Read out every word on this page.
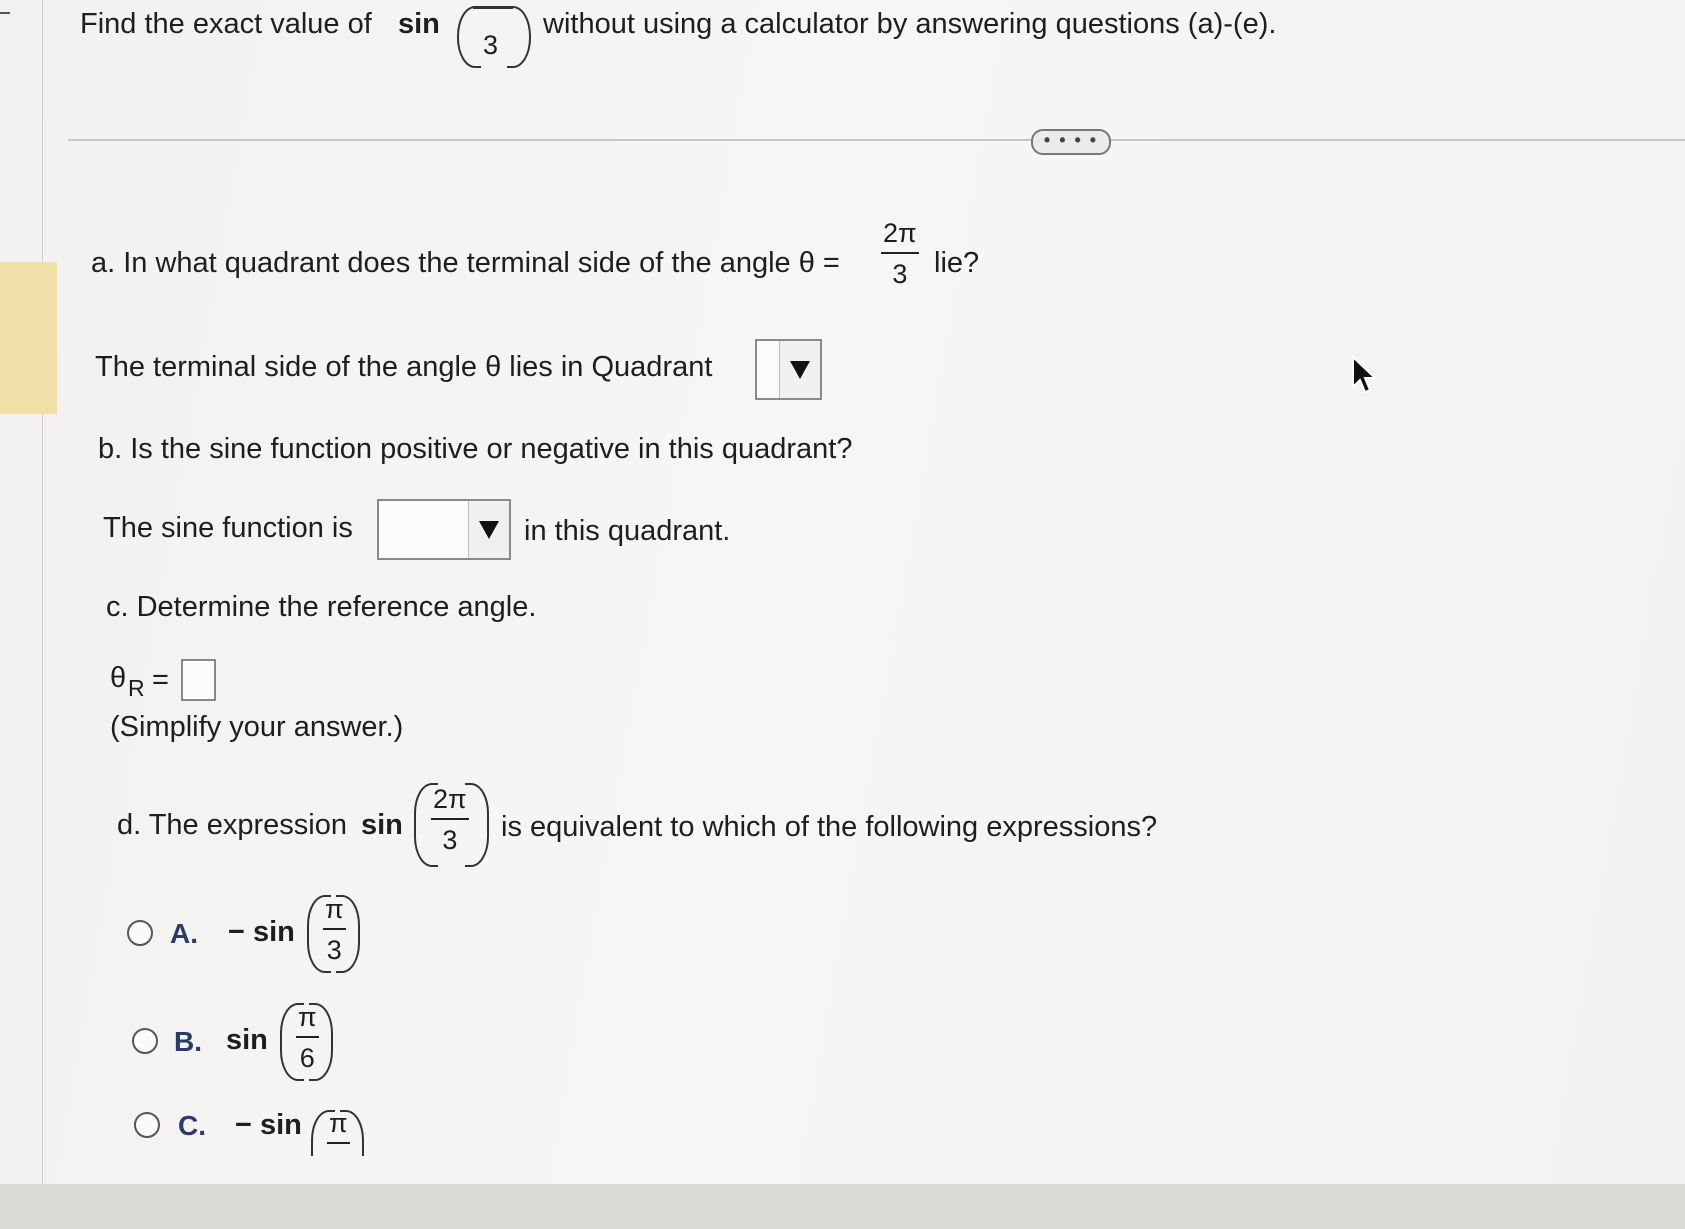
Find the exact value of sin
3
without using a calculator by answering questions (a)-(e).
• • • •
a. In what quadrant does the terminal side of the angle θ =
2π
3 lie?
The terminal side of the angle θ lies in Quadrant
b. Is the sine function positive or negative in this quadrant?
The sine function is	in this quadrant.
c. Determine the reference angle.
θ R =
(Simplify your answer.)
d. The expression sin
2π
3 is equivalent to which of the following expressions?
A. − sin
π
3
B. sin
π
6
C. − sin π
